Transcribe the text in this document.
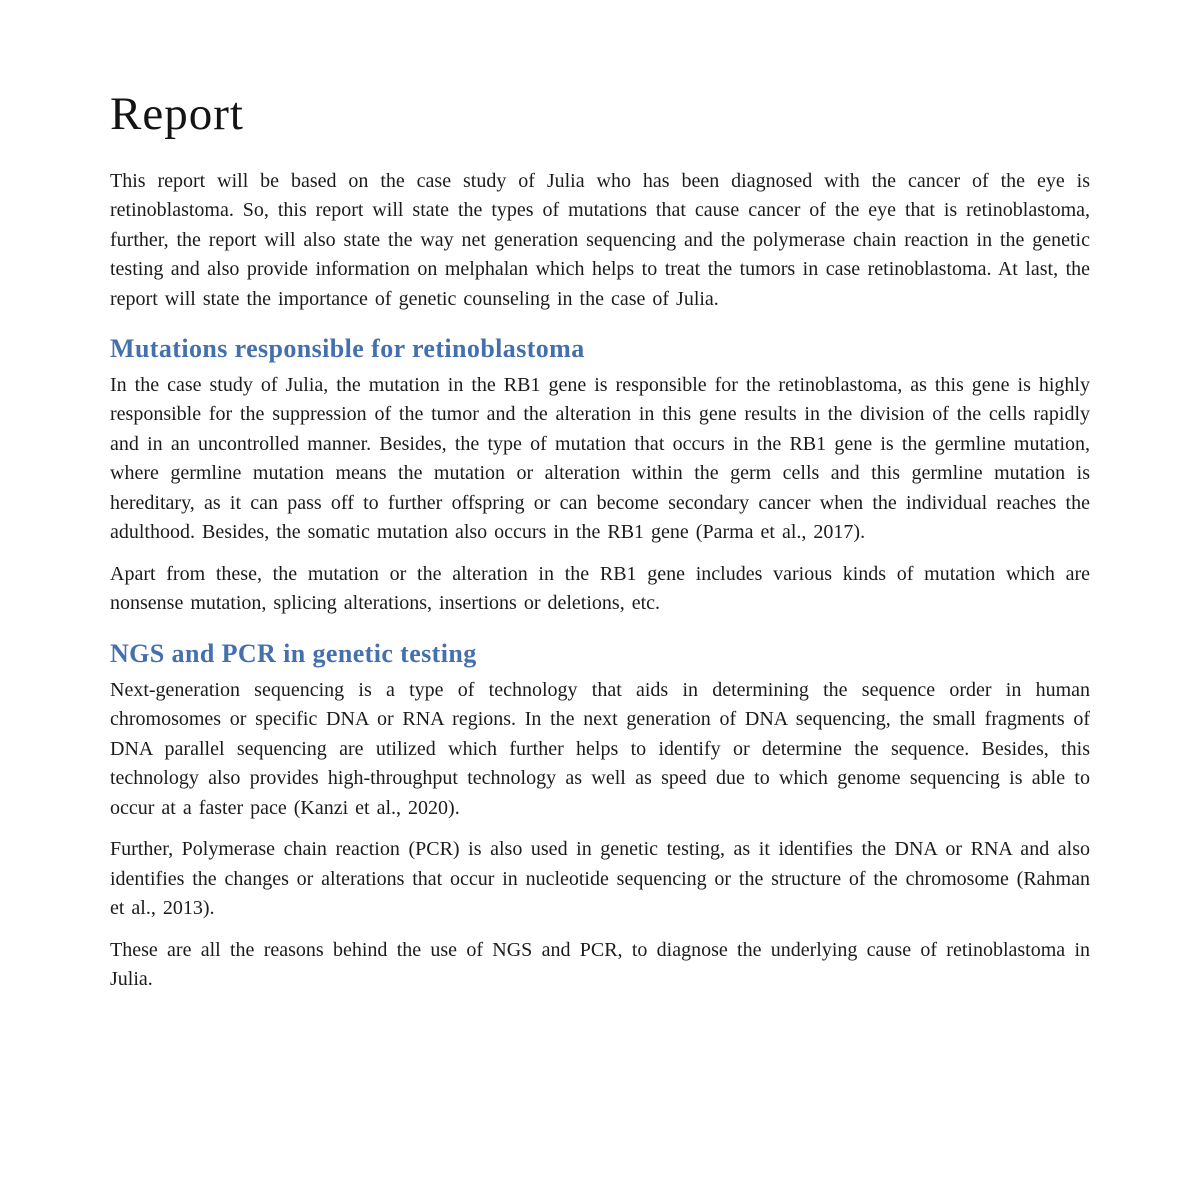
Report

This report will be based on the case study of Julia who has been diagnosed with the cancer of the eye is retinoblastoma. So, this report will state the types of mutations that cause cancer of the eye that is retinoblastoma, further, the report will also state the way net generation sequencing and the polymerase chain reaction in the genetic testing and also provide information on melphalan which helps to treat the tumors in case retinoblastoma. At last, the report will state the importance of genetic counseling in the case of Julia.

Mutations responsible for retinoblastoma

In the case study of Julia, the mutation in the RB1 gene is responsible for the retinoblastoma, as this gene is highly responsible for the suppression of the tumor and the alteration in this gene results in the division of the cells rapidly and in an uncontrolled manner. Besides, the type of mutation that occurs in the RB1 gene is the germline mutation, where germline mutation means the mutation or alteration within the germ cells and this germline mutation is hereditary, as it can pass off to further offspring or can become secondary cancer when the individual reaches the adulthood. Besides, the somatic mutation also occurs in the RB1 gene (Parma et al., 2017).

Apart from these, the mutation or the alteration in the RB1 gene includes various kinds of mutation which are nonsense mutation, splicing alterations, insertions or deletions, etc.

NGS and PCR in genetic testing

Next-generation sequencing is a type of technology that aids in determining the sequence order in human chromosomes or specific DNA or RNA regions. In the next generation of DNA sequencing, the small fragments of DNA parallel sequencing are utilized which further helps to identify or determine the sequence. Besides, this technology also provides high-throughput technology as well as speed due to which genome sequencing is able to occur at a faster pace (Kanzi et al., 2020).

Further, Polymerase chain reaction (PCR) is also used in genetic testing, as it identifies the DNA or RNA and also identifies the changes or alterations that occur in nucleotide sequencing or the structure of the chromosome (Rahman et al., 2013).

These are all the reasons behind the use of NGS and PCR, to diagnose the underlying cause of retinoblastoma in Julia.
